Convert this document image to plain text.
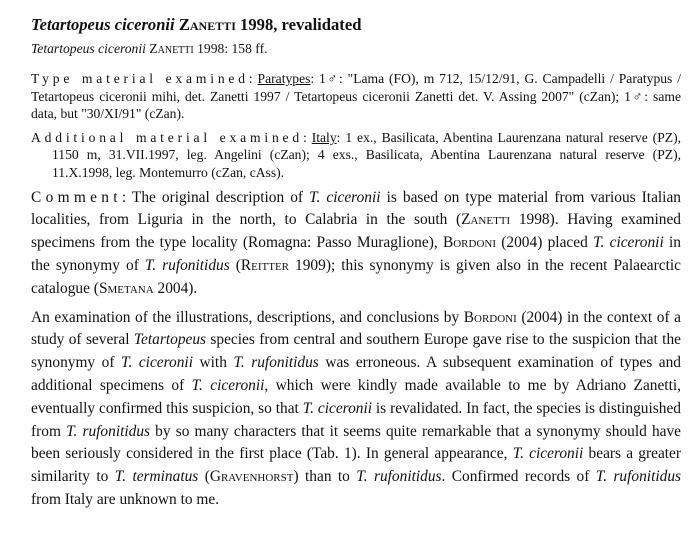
Tetartopeus ciceronii Zanetti 1998, revalidated

Tetartopeus ciceronii Zanetti 1998: 158 ff.

Type material examined: Paratypes: 1♂: "Lama (FO), m 712, 15/12/91, G. Campadelli / Paratypus / Tetartopeus ciceronii mihi, det. Zanetti 1997 / Tetartopeus ciceronii Zanetti det. V. Assing 2007" (cZan); 1♂: same data, but "30/XI/91" (cZan).

Additional material examined: Italy: 1 ex., Basilicata, Abentina Laurenzana natural reserve (PZ), 1150 m, 31.VII.1997, leg. Angelini (cZan); 4 exs., Basilicata, Abentina Laurenzana natural reserve (PZ), 11.X.1998, leg. Montemurro (cZan, cAss).

Comment: The original description of T. ciceronii is based on type material from various Italian localities, from Liguria in the north, to Calabria in the south (Zanetti 1998). Having examined specimens from the type locality (Romagna: Passo Muraglione), Bordoni (2004) placed T. ciceronii in the synonymy of T. rufonitidus (Reitter 1909); this synonymy is given also in the recent Palaearctic catalogue (Smetana 2004).

An examination of the illustrations, descriptions, and conclusions by Bordoni (2004) in the context of a study of several Tetartopeus species from central and southern Europe gave rise to the suspicion that the synonymy of T. ciceronii with T. rufonitidus was erroneous. A subsequent examination of types and additional specimens of T. ciceronii, which were kindly made available to me by Adriano Zanetti, eventually confirmed this suspicion, so that T. ciceronii is revalidated. In fact, the species is distinguished from T. rufonitidus by so many characters that it seems quite remarkable that a synonymy should have been seriously considered in the first place (Tab. 1). In general appearance, T. ciceronii bears a greater similarity to T. terminatus (Gravenhorst) than to T. rufonitidus. Confirmed records of T. rufonitidus from Italy are unknown to me.
